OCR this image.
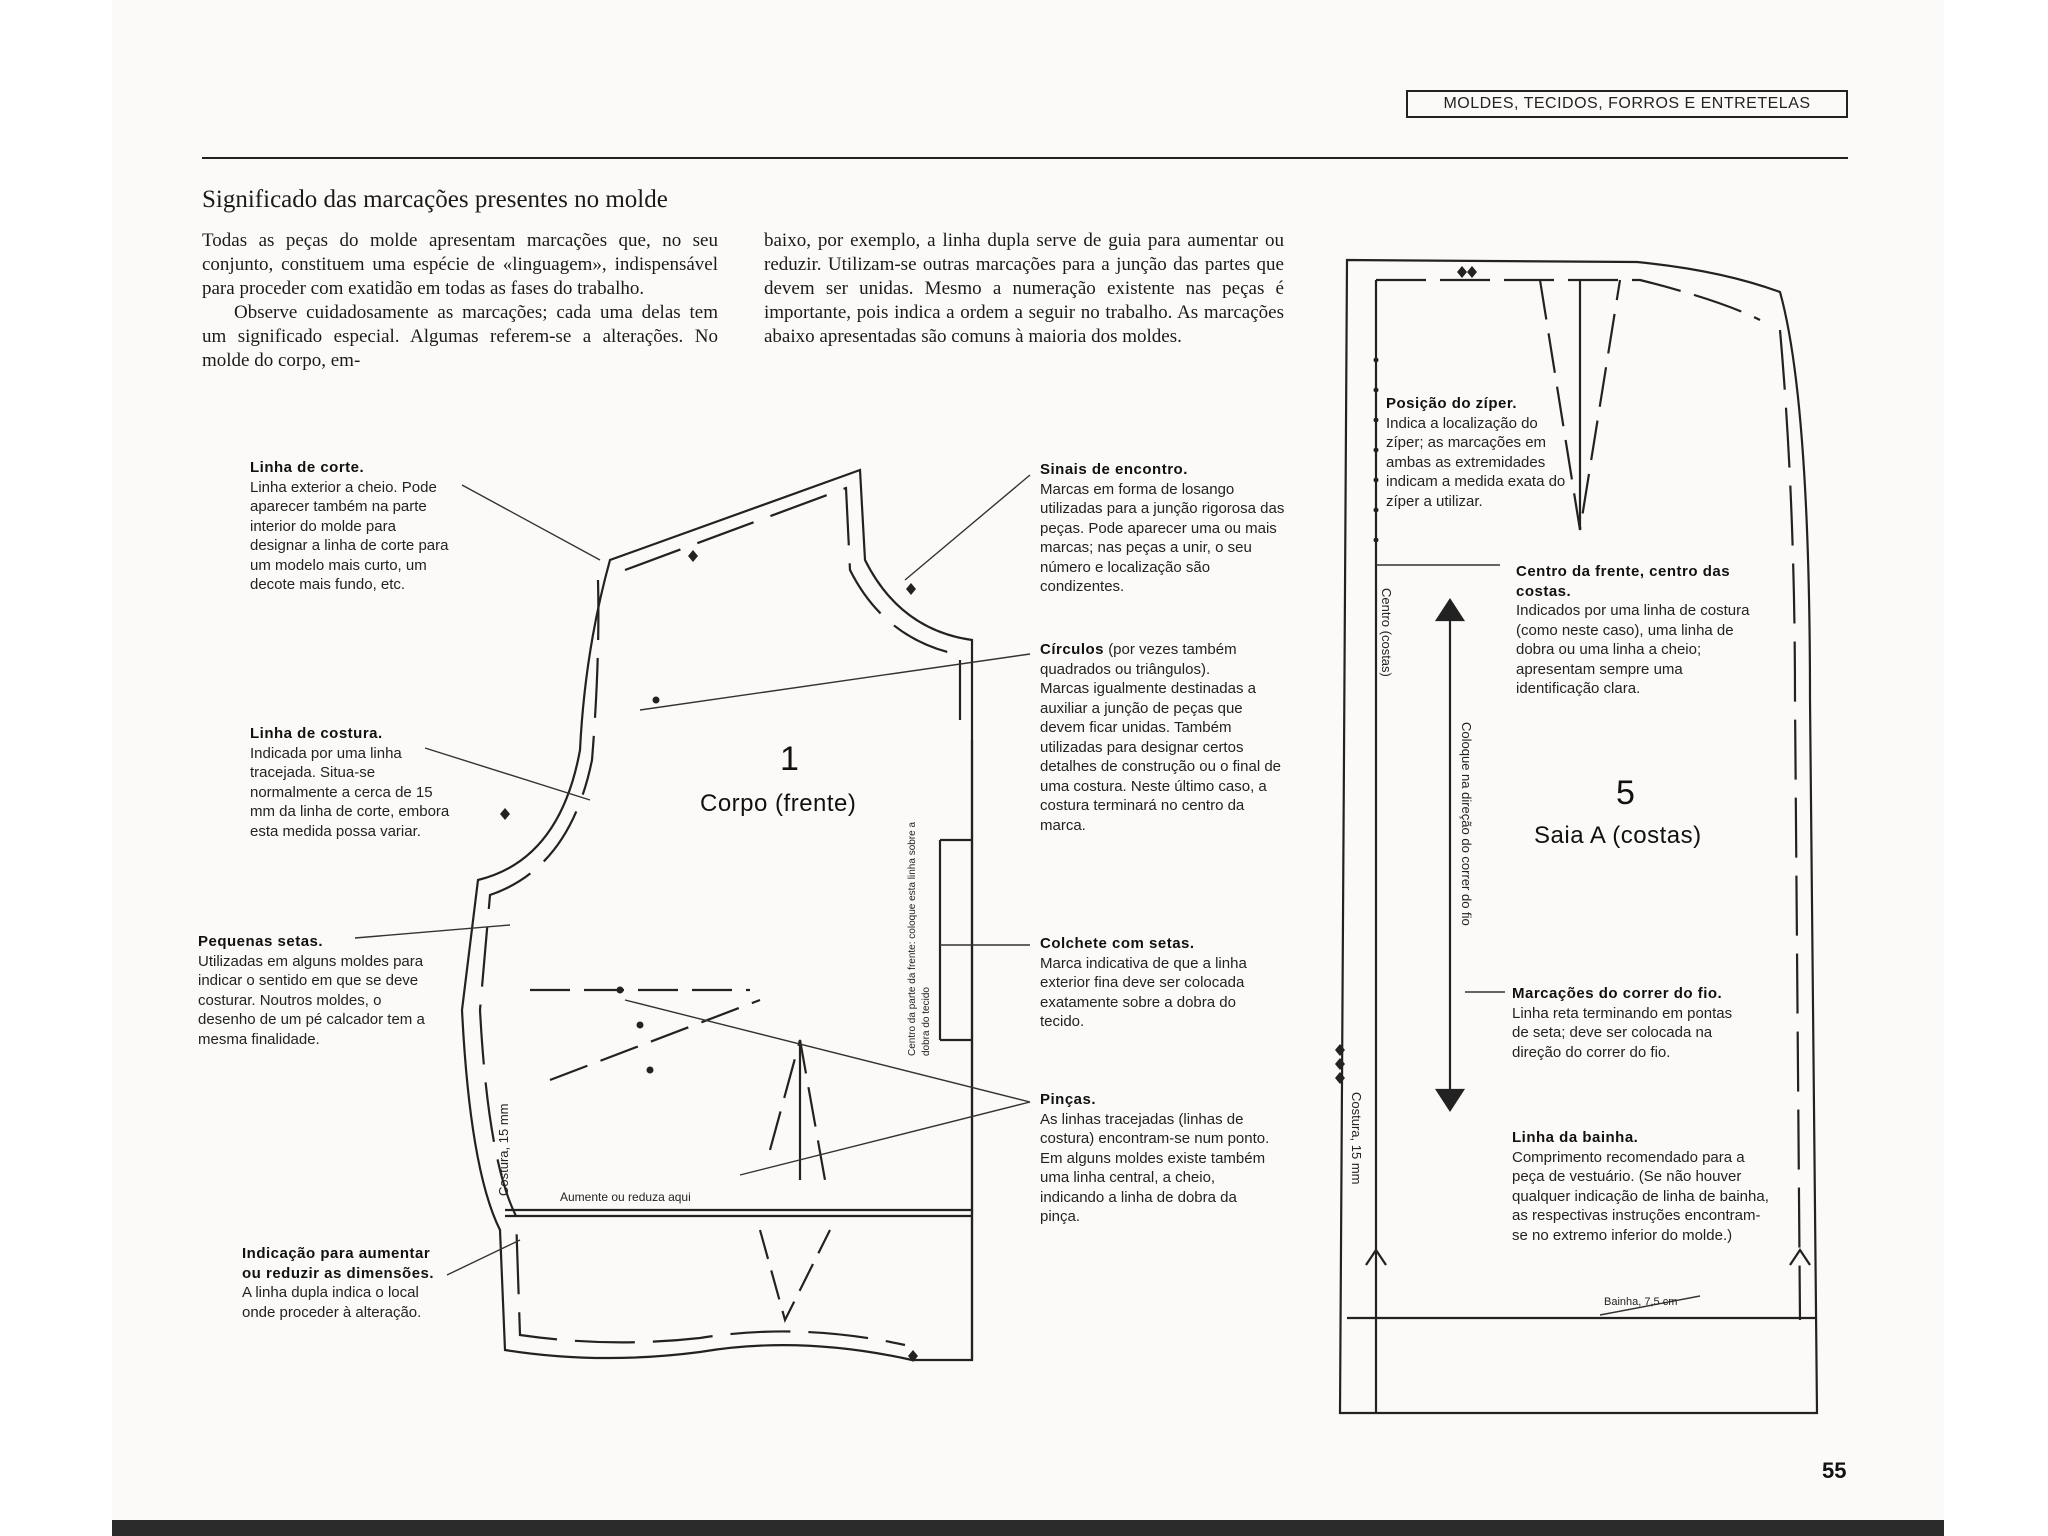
MOLDES, TECIDOS, FORROS E ENTRETELAS
Significado das marcações presentes no molde

Todas as peças do molde apresentam marcações que, no seu conjunto, constituem uma espécie de «linguagem», indispensável para proceder com exatidão em todas as fases do trabalho.

Observe cuidadosamente as marcações; cada uma delas tem um significado especial. Algumas referem-se a alterações. No molde do corpo, em-

baixo, por exemplo, a linha dupla serve de guia para aumentar ou reduzir. Utilizam-se outras marcações para a junção das partes que devem ser unidas. Mesmo a numeração existente nas peças é importante, pois indica a ordem a seguir no trabalho. As marcações abaixo apresentadas são comuns à maioria dos moldes.

Linha de corte.

Linha exterior a cheio. Pode aparecer também na parte interior do molde para designar a linha de corte para um modelo mais curto, um decote mais fundo, etc.

Linha de costura.

Indicada por uma linha tracejada. Situa-se normalmente a cerca de 15 mm da linha de corte, embora esta medida possa variar.

Pequenas setas.

Utilizadas em alguns moldes para indicar o sentido em que se deve costurar. Noutros moldes, o desenho de um pé calcador tem a mesma finalidade.

Indicação para aumentar ou reduzir as dimensões.

A linha dupla indica o local onde proceder à alteração.

Sinais de encontro.

Marcas em forma de losango utilizadas para a junção rigorosa das peças. Pode aparecer uma ou mais marcas; nas peças a unir, o seu número e localização são condizentes.

Círculos (por vezes também quadrados ou triângulos).

Marcas igualmente destinadas a auxiliar a junção de peças que devem ficar unidas. Também utilizadas para designar certos detalhes de construção ou o final de uma costura. Neste último caso, a costura terminará no centro da marca.

Colchete com setas.

Marca indicativa de que a linha exterior fina deve ser colocada exatamente sobre a dobra do tecido.

Pinças.

As linhas tracejadas (linhas de costura) encontram-se num ponto. Em alguns moldes existe também uma linha central, a cheio, indicando a linha de dobra da pinça.

Posição do zíper.

Indica a localização do zíper; as marcações em ambas as extremidades indicam a medida exata do zíper a utilizar.

Centro da frente, centro das costas.

Indicados por uma linha de costura (como neste caso), uma linha de dobra ou uma linha a cheio; apresentam sempre uma identificação clara.

Marcações do correr do fio.

Linha reta terminando em pontas de seta; deve ser colocada na direção do correr do fio.

Linha da bainha.

Comprimento recomendado para a peça de vestuário. (Se não houver qualquer indicação de linha de bainha, as respectivas instruções encontram-se no extremo inferior do molde.)

1
Corpo (frente)	5
Saia A (costas)
Aumente ou reduza aqui
Bainha, 7,5 cm
Centro da parte da frente: coloque esta linha sobre a dobra do tecido
Costura, 15 mm
Centro (costas)
Coloque na direção do correr do fio
Costura, 15 mm
55
